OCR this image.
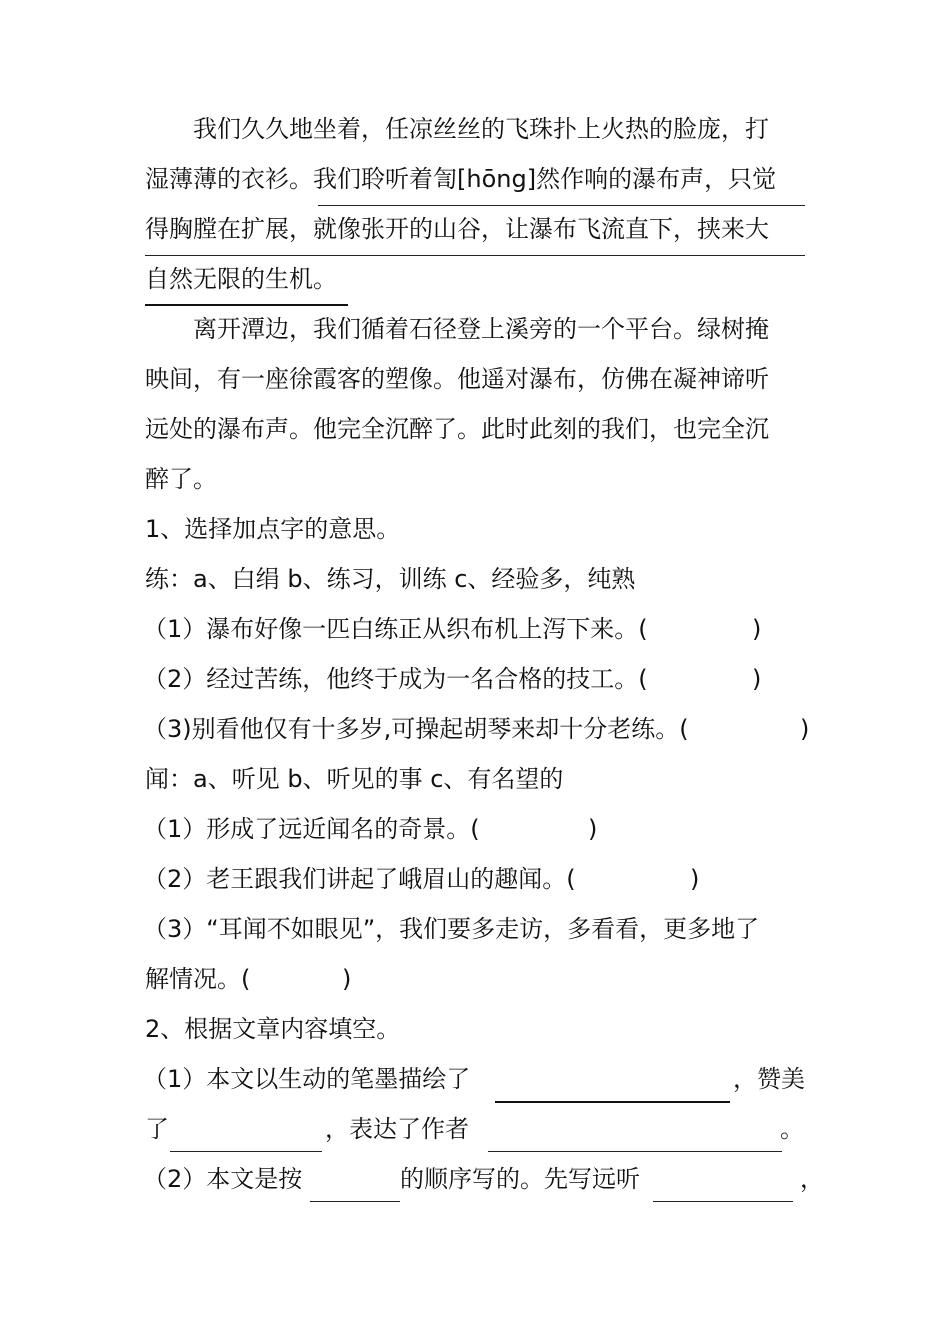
我们久久地坐着，任凉丝丝的飞珠扑上火热的脸庞，打
湿薄薄的衣衫。我们聆听着訇[hōng]然作响的瀑布声，只觉
得胸膛在扩展，就像张开的山谷，让瀑布飞流直下，挟来大
自然无限的生机。
离开潭边，我们循着石径登上溪旁的一个平台。绿树掩
映间，有一座徐霞客的塑像。他遥对瀑布，仿佛在凝神谛听
远处的瀑布声。他完全沉醉了。此时此刻的我们，也完全沉
醉了。
1、选择加点字的意思。
练：a、白绢 b、练习，训练 c、经验多，纯熟
（1）瀑布好像一匹白练正从织布机上泻下来。(	)
（2）经过苦练，他终于成为一名合格的技工。(	)
（3)别看他仅有十多岁,可操起胡琴来却十分老练。(	)
闻：a、听见 b、听见的事 c、有名望的
（1）形成了远近闻名的奇景。(	)
（2）老王跟我们讲起了峨眉山的趣闻。(	)
（3）“耳闻不如眼见”，我们要多走访，多看看，更多地了
解情况。(	)
2、根据文章内容填空。
（1）本文以生动的笔墨描绘了	，赞美
了	，表达了作者	。
（2）本文是按	的顺序写的。先写远听	，
